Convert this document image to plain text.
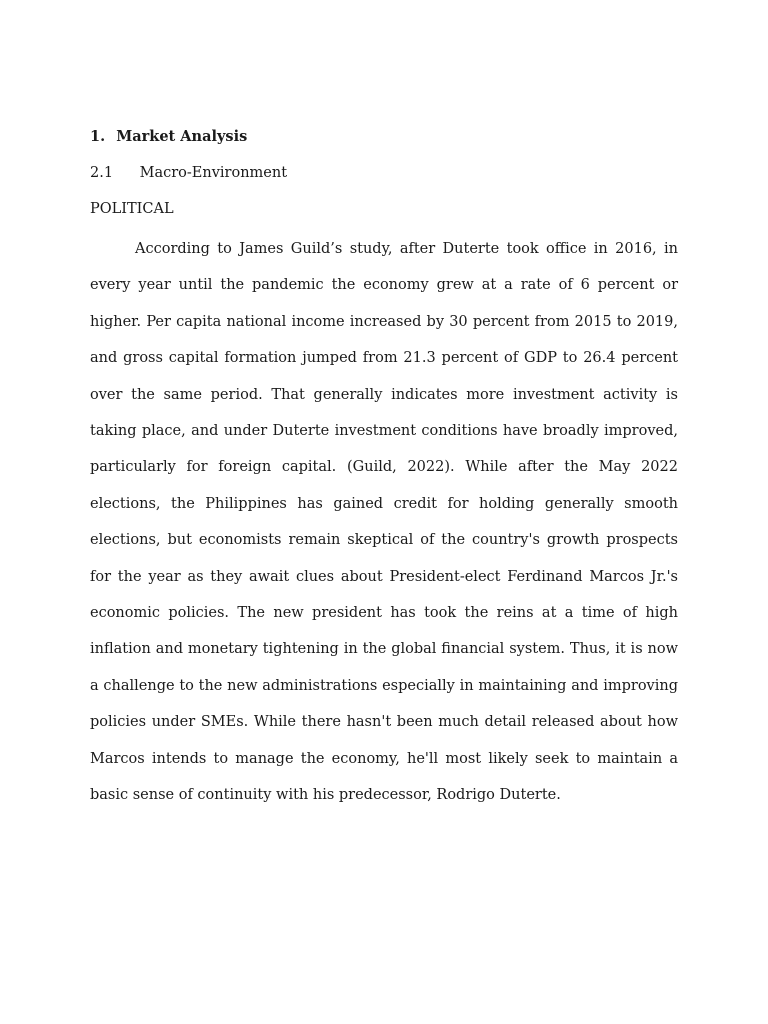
1. Market Analysis
2.1 Macro-Environment
POLITICAL

According to James Guild’s study, after Duterte took office in 2016, in every year until the pandemic the economy grew at a rate of 6 percent or higher. Per capita national income increased by 30 percent from 2015 to 2019, and gross capital formation jumped from 21.3 percent of GDP to 26.4 percent over the same period. That generally indicates more investment activity is taking place, and under Duterte investment conditions have broadly improved, particularly for foreign capital. (Guild, 2022). While after the May 2022 elections, the Philippines has gained credit for holding generally smooth elections, but economists remain skeptical of the country's growth prospects for the year as they await clues about President-elect Ferdinand Marcos Jr.'s economic policies. The new president has took the reins at a time of high inflation and monetary tightening in the global financial system. Thus, it is now a challenge to the new administrations especially in maintaining and improving policies under SMEs. While there hasn't been much detail released about how Marcos intends to manage the economy, he'll most likely seek to maintain a basic sense of continuity with his predecessor, Rodrigo Duterte.
